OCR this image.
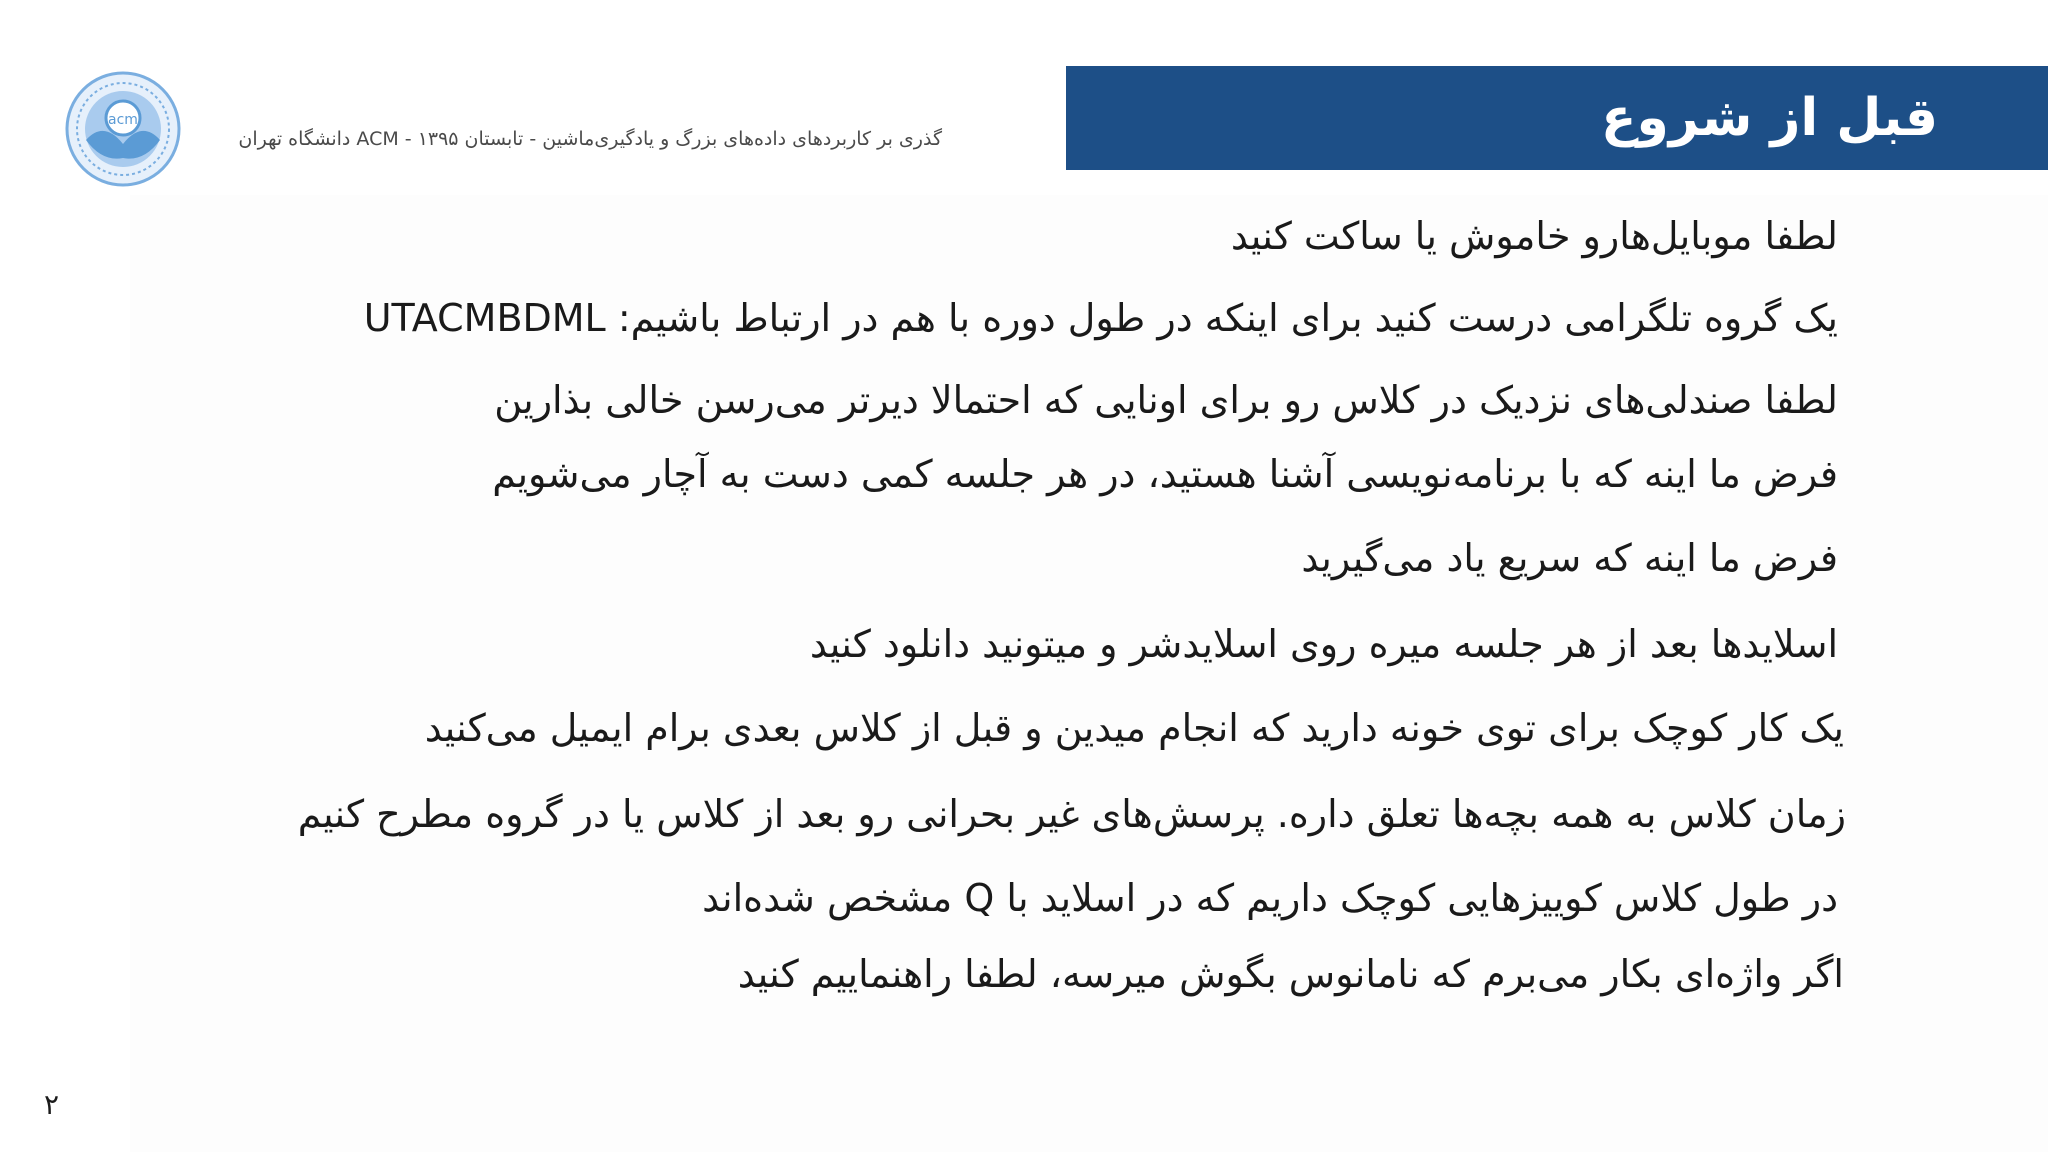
acm
گذری بر کاربردهای داده‌های بزرگ و یادگیری‌ماشین - تابستان ۱۳۹۵ - ACM دانشگاه تهران	قبل از شروع
لطفا موبایل‌هارو خاموش یا ساکت کنید
یک گروه تلگرامی درست کنید برای اینکه در طول دوره با هم در ارتباط باشیم: UTACMBDML
لطفا صندلی‌های نزدیک در کلاس رو برای اونایی که احتمالا دیرتر می‌رسن خالی بذارین
فرض ما اینه که با برنامه‌نویسی آشنا هستید، در هر جلسه کمی دست به آچار می‌شویم
فرض ما اینه که سریع یاد می‌گیرید
اسلایدها بعد از هر جلسه میره روی اسلایدشر و میتونید دانلود کنید
یک کار کوچک برای توی خونه دارید که انجام میدین و قبل از کلاس بعدی برام ایمیل می‌کنید
زمان کلاس به همه بچه‌ها تعلق داره. پرسش‌های غیر بحرانی رو بعد از کلاس یا در گروه مطرح کنیم
در طول کلاس کوییزهایی کوچک داریم که در اسلاید با Q مشخص شده‌اند
اگر واژه‌ای بکار می‌برم که نامانوس بگوش میرسه، لطفا راهنماییم کنید
۲
